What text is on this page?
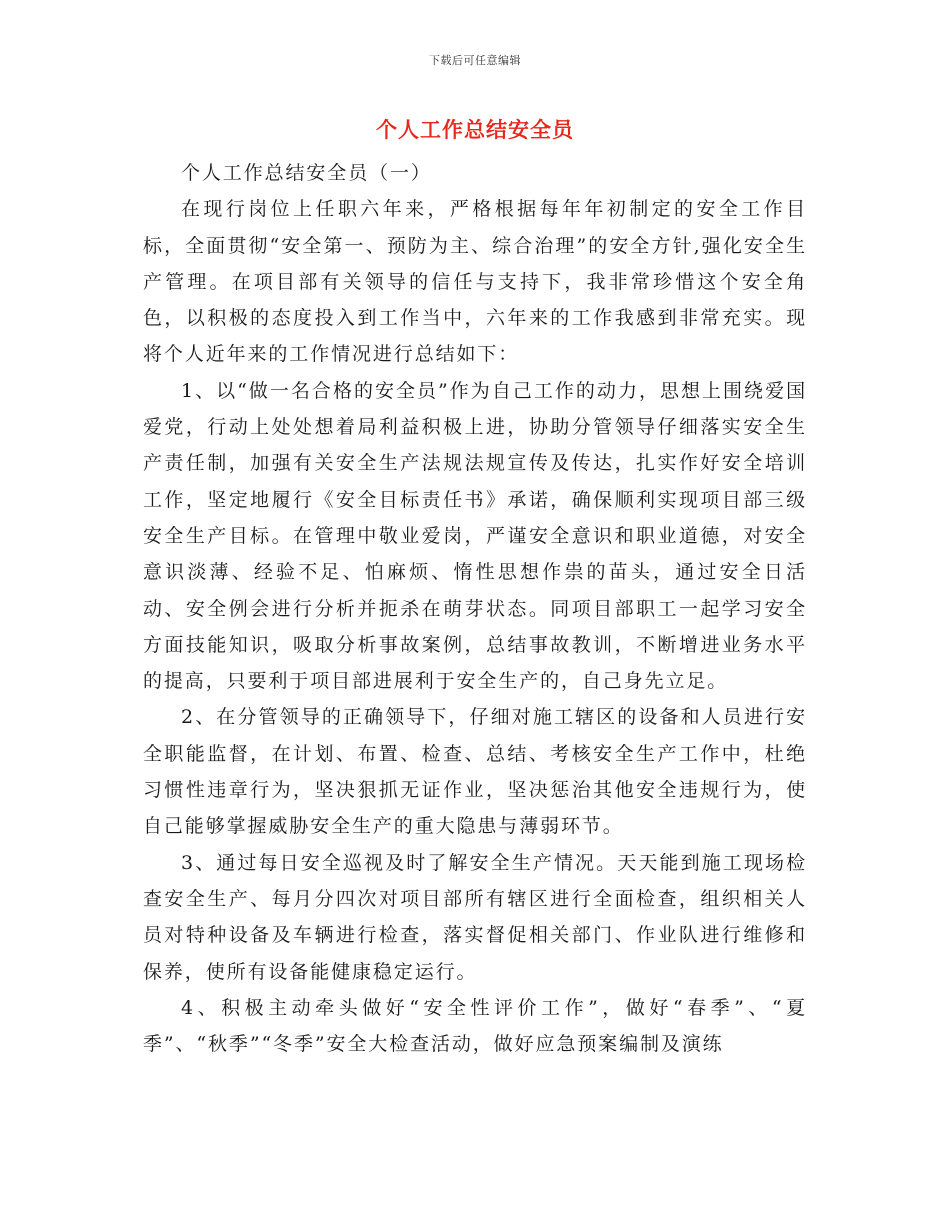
下载后可任意编辑
个人工作总结安全员

个人工作总结安全员（一）

在现行岗位上任职六年来，严格根据每年年初制定的安全工作目标，全面贯彻“安全第一、预防为主、综合治理”的安全方针,强化安全生产管理。在项目部有关领导的信任与支持下，我非常珍惜这个安全角色，以积极的态度投入到工作当中，六年来的工作我感到非常充实。现将个人近年来的工作情况进行总结如下：

1、以“做一名合格的安全员”作为自己工作的动力，思想上围绕爱国爱党，行动上处处想着局利益积极上进，协助分管领导仔细落实安全生产责任制，加强有关安全生产法规法规宣传及传达，扎实作好安全培训工作，坚定地履行《安全目标责任书》承诺，确保顺利实现项目部三级安全生产目标。在管理中敬业爱岗，严谨安全意识和职业道德，对安全意识淡薄、经验不足、怕麻烦、惰性思想作祟的苗头，通过安全日活动、安全例会进行分析并扼杀在萌芽状态。同项目部职工一起学习安全方面技能知识，吸取分析事故案例，总结事故教训，不断增进业务水平的提高，只要利于项目部进展利于安全生产的，自己身先立足。

2、在分管领导的正确领导下，仔细对施工辖区的设备和人员进行安全职能监督，在计划、布置、检查、总结、考核安全生产工作中，杜绝习惯性违章行为，坚决狠抓无证作业，坚决惩治其他安全违规行为，使自己能够掌握威胁安全生产的重大隐患与薄弱环节。

3、通过每日安全巡视及时了解安全生产情况。天天能到施工现场检查安全生产、每月分四次对项目部所有辖区进行全面检查，组织相关人员对特种设备及车辆进行检查，落实督促相关部门、作业队进行维修和保养，使所有设备能健康稳定运行。

4、积极主动牵头做好“安全性评价工作”，做好“春季”、“夏季”、“秋季”“冬季”安全大检查活动，做好应急预案编制及演练
